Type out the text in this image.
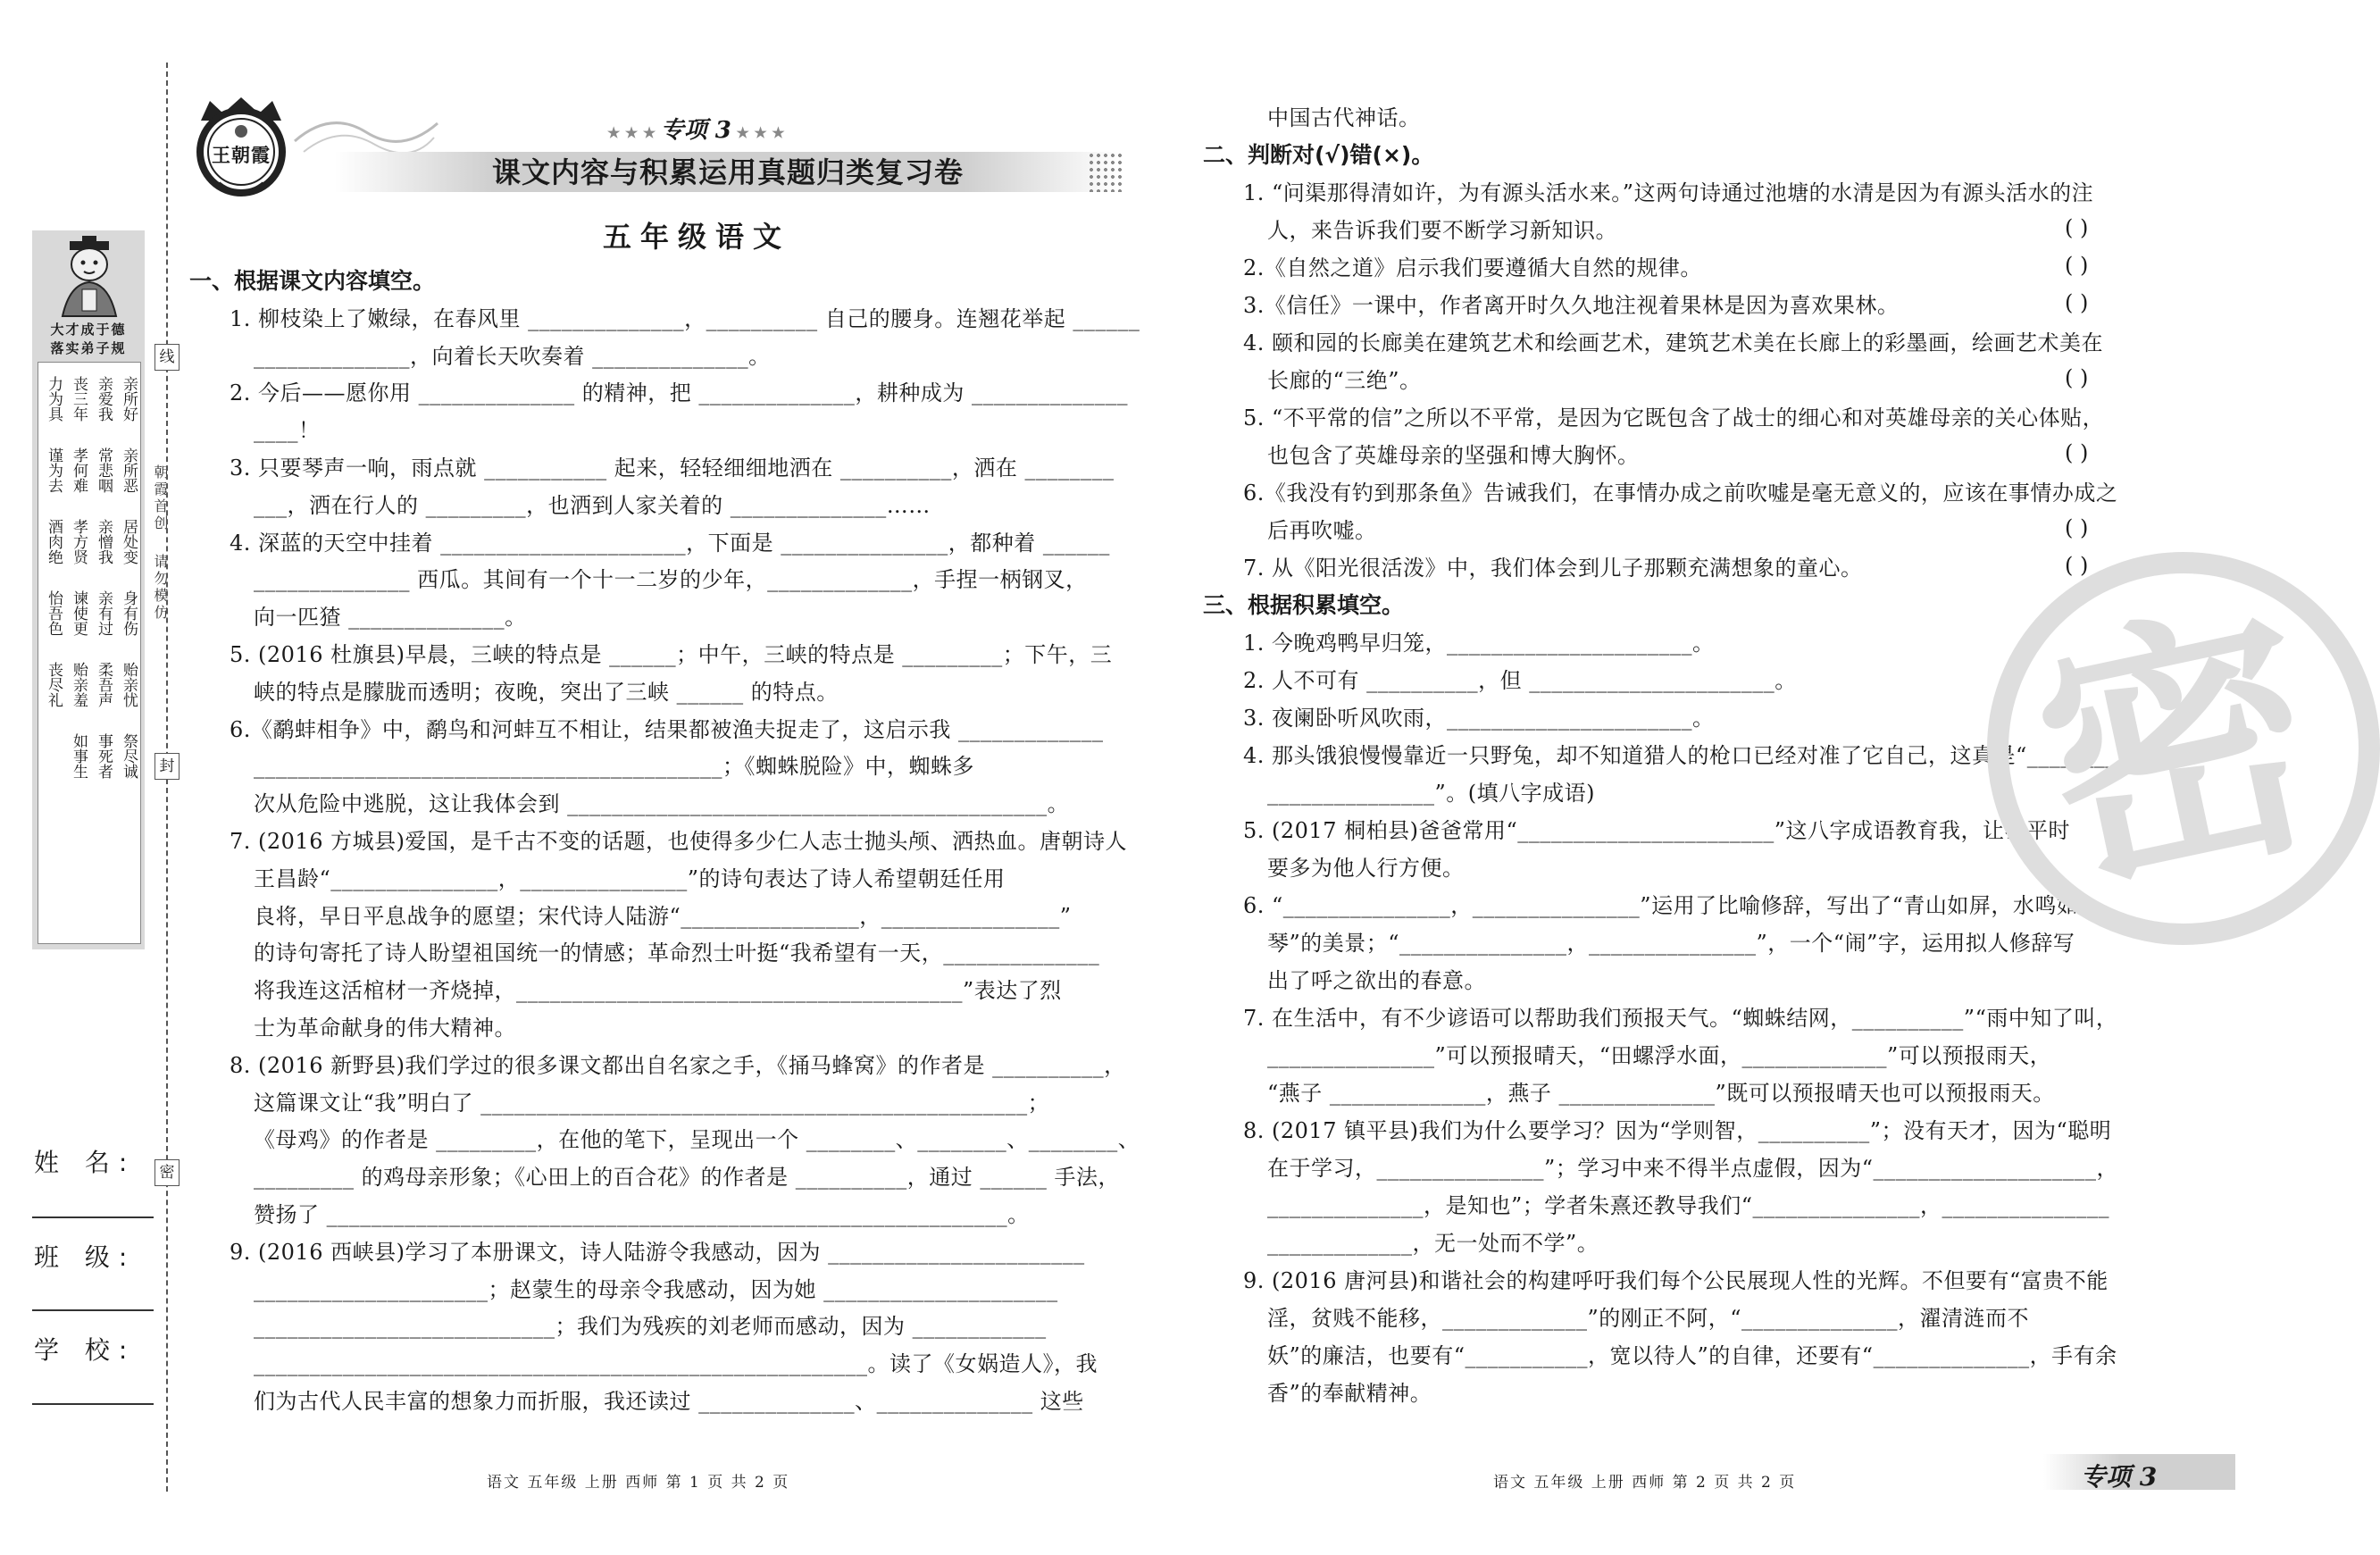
大才成于德
落实弟子规
亲所好
亲爱我
丧三年
力为具
亲所恶
常悲咽
孝何难
谨为去
居处变
亲憎我
孝方贤
酒肉绝
身有伤
亲有过
谏使更
怡吾色
贻亲忧
柔吾声
贻亲羞
丧尽礼
祭尽诚
事死者
如事生
朝霞首创
请勿模仿
线
封
密
姓 名:
班 级:
学 校:
王朝霞
★ ★ ★ 专项 3 ★ ★ ★
课文内容与积累运用真题归类复习卷
五年级语文
一、根据课文内容填空。
1. 柳枝染上了嫩绿，在春风里 ______________，__________ 自己的腰身。连翘花举起 ______
______________，向着长天吹奏着 ______________。
2. 今后——愿你用 ______________ 的精神，把 ______________，耕种成为 ______________
____！
3. 只要琴声一响，雨点就 ___________ 起来，轻轻细细地洒在 __________，洒在 ________
___，洒在行人的 _________，也洒到人家关着的 ______________……
4. 深蓝的天空中挂着 ______________________，下面是 _______________，都种着 ______
______________ 西瓜。其间有一个十一二岁的少年，_____________，手捏一柄钢叉，
向一匹猹 ______________。
5. (2016 杜旗县)早晨，三峡的特点是 ______；中午，三峡的特点是 _________；下午，三
峡的特点是朦胧而透明；夜晚，突出了三峡 ______ 的特点。
6.《鹬蚌相争》中，鹬鸟和河蚌互不相让，结果都被渔夫捉走了，这启示我 _____________
__________________________________________；《蜘蛛脱险》中，蜘蛛多
次从危险中逃脱，这让我体会到 ___________________________________________。
7. (2016 方城县)爱国，是千古不变的话题，也使得多少仁人志士抛头颅、洒热血。唐朝诗人
王昌龄“_______________，_______________”的诗句表达了诗人希望朝廷任用
良将，早日平息战争的愿望；宋代诗人陆游“________________，________________”
的诗句寄托了诗人盼望祖国统一的情感；革命烈士叶挺“我希望有一天，______________
将我连这活棺材一齐烧掉，________________________________________”表达了烈
士为革命献身的伟大精神。
8. (2016 新野县)我们学过的很多课文都出自名家之手，《捅马蜂窝》的作者是 __________，
这篇课文让“我”明白了 _________________________________________________；
《母鸡》的作者是 _________，在他的笔下，呈现出一个 ________、________、________、
_________ 的鸡母亲形象；《心田上的百合花》的作者是 __________，通过 ______ 手法，
赞扬了 _____________________________________________________________。
9. (2016 西峡县)学习了本册课文，诗人陆游令我感动，因为 _______________________
_____________________；赵蒙生的母亲令我感动，因为她 _____________________
___________________________；我们为残疾的刘老师而感动，因为 ____________
_______________________________________________________。读了《女娲造人》，我
们为古代人民丰富的想象力而折服，我还读过 ______________、______________ 这些
中国古代神话。
二、判断对(√)错(×)。
1. “问渠那得清如许，为有源头活水来。”这两句诗通过池塘的水清是因为有源头活水的注
人，来告诉我们要不断学习新知识。
2.《自然之道》启示我们要遵循大自然的规律。
3.《信任》一课中，作者离开时久久地注视着果林是因为喜欢果林。
4. 颐和园的长廊美在建筑艺术和绘画艺术，建筑艺术美在长廊上的彩墨画，绘画艺术美在
长廊的“三绝”。
5. “不平常的信”之所以不平常，是因为它既包含了战士的细心和对英雄母亲的关心体贴，
也包含了英雄母亲的坚强和博大胸怀。
6.《我没有钓到那条鱼》告诫我们，在事情办成之前吹嘘是毫无意义的，应该在事情办成之
后再吹嘘。
7. 从《阳光很活泼》中，我们体会到儿子那颗充满想象的童心。
三、根据积累填空。
1. 今晚鸡鸭早归笼，______________________。
2. 人不可有 __________，但 ______________________。
3. 夜阑卧听风吹雨，______________________。
4. 那头饿狼慢慢靠近一只野兔，却不知道猎人的枪口已经对准了它自己，这真是“________
_______________”。(填八字成语)
5. (2017 桐柏县)爸爸常用“_______________________”这八字成语教育我，让我平时
要多为他人行方便。
6. “_______________，_______________”运用了比喻修辞，写出了“青山如屏，水鸣如
琴”的美景；“_______________，_______________”，一个“闹”字，运用拟人修辞写
出了呼之欲出的春意。
7. 在生活中，有不少谚语可以帮助我们预报天气。“蜘蛛结网，__________”“雨中知了叫，
_______________”可以预报晴天，“田螺浮水面，_____________”可以预报雨天，
“燕子 ______________，燕子 ______________”既可以预报晴天也可以预报雨天。
8. (2017 镇平县)我们为什么要学习？因为“学则智，__________”；没有天才，因为“聪明
在于学习，_______________”；学习中来不得半点虚假，因为“____________________，
______________，是知也”；学者朱熹还教导我们“_______________，_______________
_____________，无一处而不学”。
9. (2016 唐河县)和谐社会的构建呼吁我们每个公民展现人性的光辉。不但要有“富贵不能
淫，贫贱不能移，_____________”的刚正不阿，“______________，濯清涟而不
妖”的廉洁，也要有“___________，宽以待人”的自律，还要有“______________，手有余
香”的奉献精神。
( )
( )
( )
( )
( )
( )
( )
密
语文 五年级 上册 西师 第 1 页 共 2 页	语文 五年级 上册 西师 第 2 页 共 2 页	专项 3
